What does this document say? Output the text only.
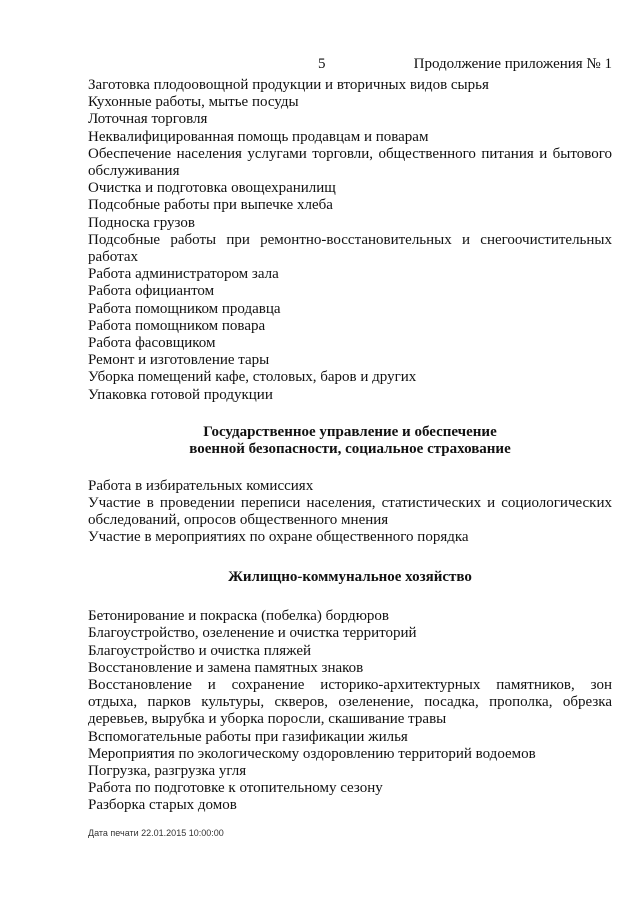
5	Продолжение приложения № 1

Заготовка плодоовощной продукции и вторичных видов сырья

Кухонные работы, мытье посуды

Лоточная торговля

Неквалифицированная помощь продавцам и поварам

Обеспечение населения услугами торговли, общественного питания и бытового

обслуживания

Очистка и подготовка овощехранилищ

Подсобные работы при выпечке хлеба

Подноска грузов

Подсобные работы при ремонтно-восстановительных и снегоочистительных

работах

Работа администратором зала

Работа официантом

Работа помощником продавца

Работа помощником повара

Работа фасовщиком

Ремонт и изготовление тары

Уборка помещений кафе, столовых, баров и других

Упаковка готовой продукции

Государственное управление и обеспечение

военной безопасности, социальное страхование

Работа в избирательных комиссиях

Участие в проведении переписи населения, статистических и социологических

обследований, опросов общественного мнения

Участие в мероприятиях по охране общественного порядка

Жилищно-коммунальное хозяйство

Бетонирование и покраска (побелка) бордюров

Благоустройство, озеленение и очистка территорий

Благоустройство и очистка пляжей

Восстановление и замена памятных знаков

Восстановление и сохранение историко-архитектурных памятников, зон

отдыха, парков культуры, скверов, озеленение, посадка, прополка, обрезка

деревьев, вырубка и уборка поросли, скашивание травы

Вспомогательные работы при газификации жилья

Мероприятия по экологическому оздоровлению территорий водоемов

Погрузка, разгрузка угля

Работа по подготовке к отопительному сезону

Разборка старых домов

Дата печати 22.01.2015 10:00:00
